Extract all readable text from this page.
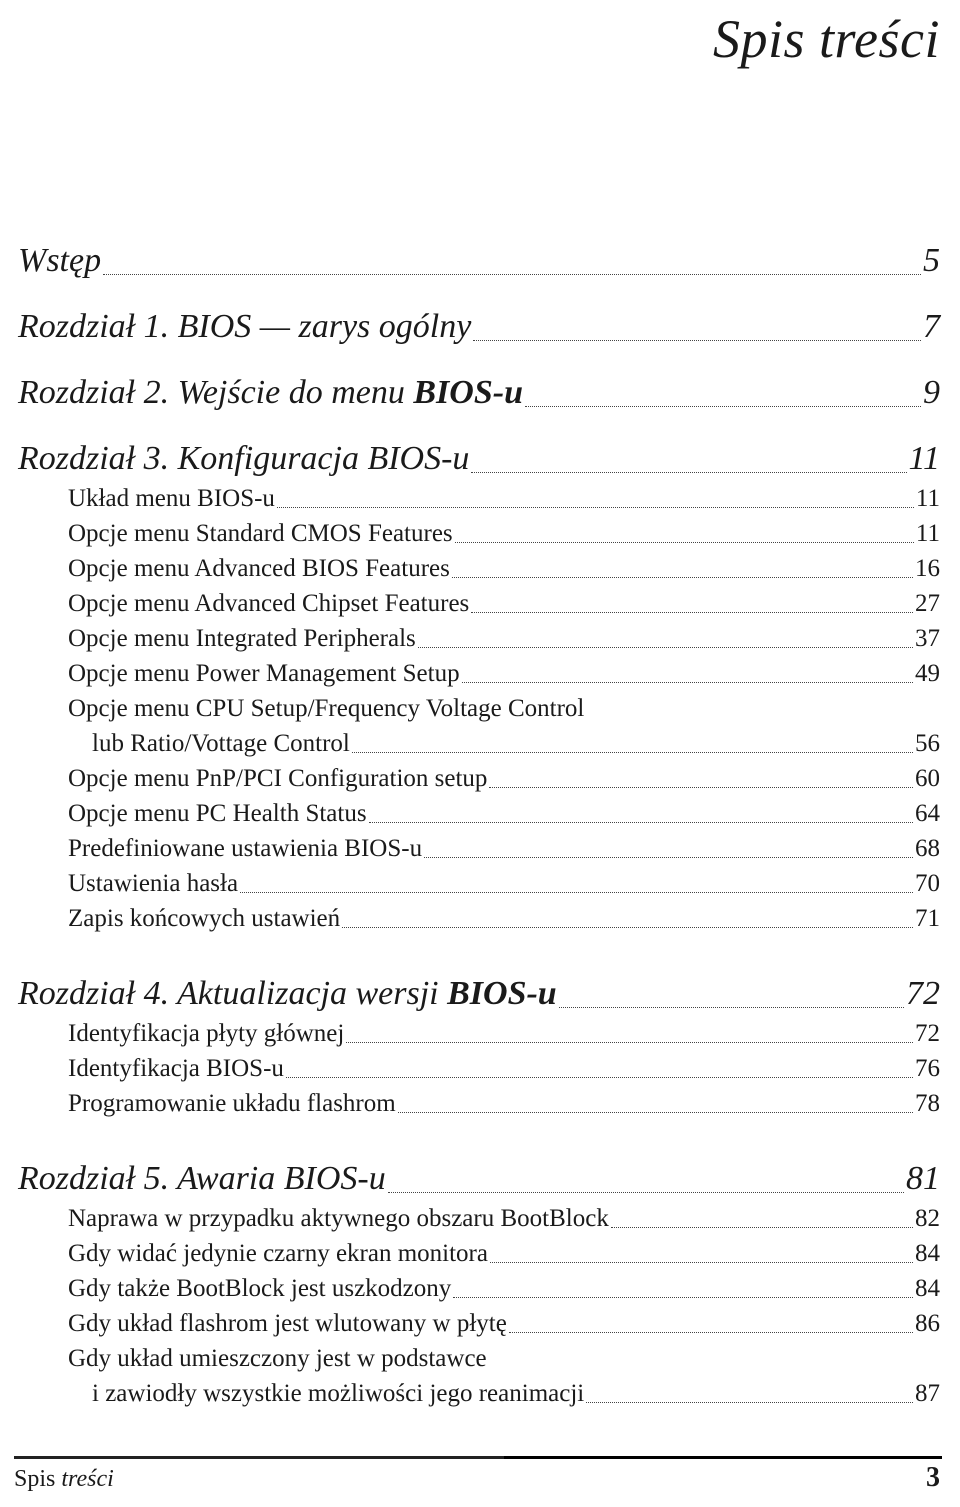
Spis treści
Wstęp	5
Rozdział 1. BIOS — zarys ogólny	7
Rozdział 2. Wejście do menu BIOS-u	9
Rozdział 3. Konfiguracja BIOS-u	11
Układ menu BIOS-u	11
Opcje menu Standard CMOS Features	11
Opcje menu Advanced BIOS Features	16
Opcje menu Advanced Chipset Features	27
Opcje menu Integrated Peripherals	37
Opcje menu Power Management Setup	49
Opcje menu CPU Setup/Frequency Voltage Control
lub Ratio/Vottage Control	56
Opcje menu PnP/PCI Configuration setup	60
Opcje menu PC Health Status	64
Predefiniowane ustawienia BIOS-u	68
Ustawienia hasła	70
Zapis końcowych ustawień	71
Rozdział 4. Aktualizacja wersji BIOS-u	72
Identyfikacja płyty głównej	72
Identyfikacja BIOS-u	76
Programowanie układu flashrom	78
Rozdział 5. Awaria BIOS-u	81
Naprawa w przypadku aktywnego obszaru BootBlock	82
Gdy widać jedynie czarny ekran monitora	84
Gdy także BootBlock jest uszkodzony	84
Gdy układ flashrom jest wlutowany w płytę	86
Gdy układ umieszczony jest w podstawce
i zawiodły wszystkie możliwości jego reanimacji	87
Spis treści	3
